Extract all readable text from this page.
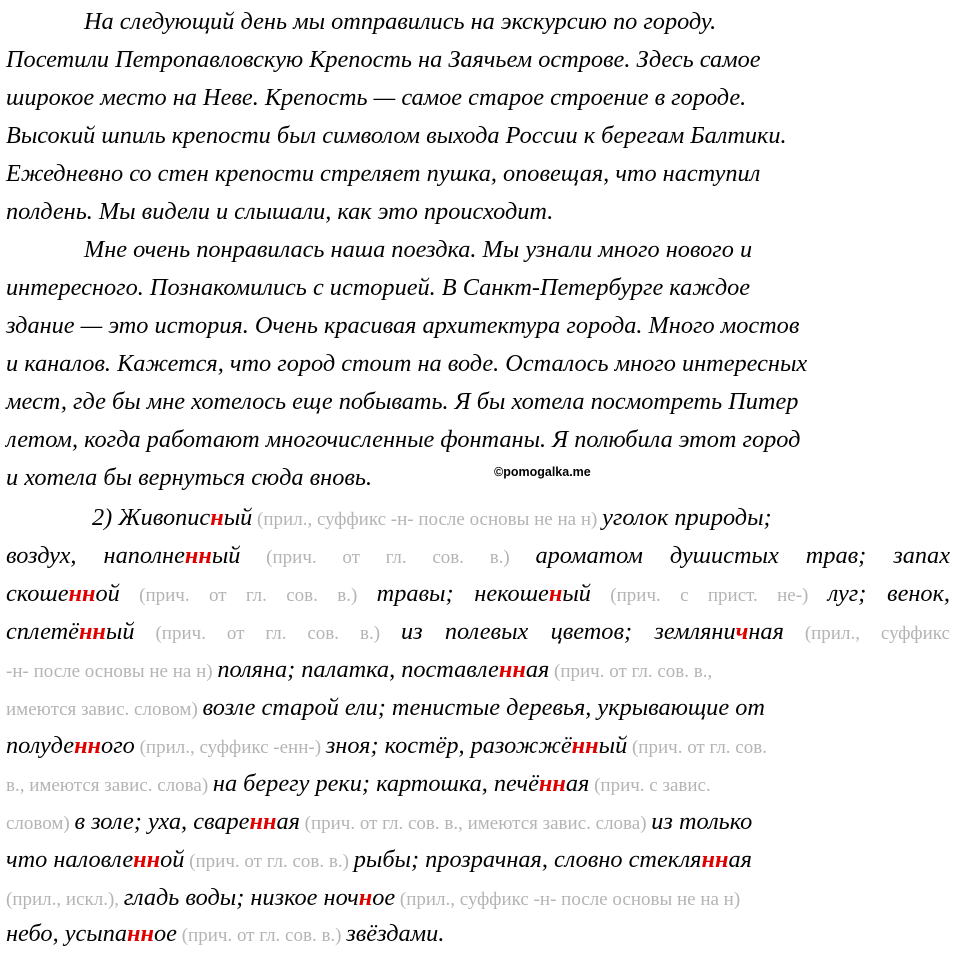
На следующий день мы отправились на экскурсию по городу.
Посетили Петропавловскую Крепость на Заячьем острове. Здесь самое
широкое место на Неве. Крепость — самое старое строение в городе.
Высокий шпиль крепости был символом выхода России к берегам Балтики.
Ежедневно со стен крепости стреляет пушка, оповещая, что наступил
полдень. Мы видели и слышали, как это происходит.
Мне очень понравилась наша поездка. Мы узнали много нового и
интересного. Познакомились с историей. В Санкт-Петербурге каждое
здание — это история. Очень красивая архитектура города. Много мостов
и каналов. Кажется, что город стоит на воде. Осталось много интересных
мест, где бы мне хотелось еще побывать. Я бы хотела посмотреть Питер
летом, когда работают многочисленные фонтаны. Я полюбила этот город
и хотела бы вернуться сюда вновь.	©pomogalka.me
2) Живописный (прил., суффикс -н- после основы не на н) уголок природы;
воздух, наполненный (прич. от гл. сов. в.) ароматом душистых трав; запах
скошенной (прич. от гл. сов. в.) травы; некошеный (прич. с прист. не-) луг; венок,
сплетённый (прич. от гл. сов. в.) из полевых цветов; земляничная (прил., суффикс
-н- после основы не на н) поляна; палатка, поставленная (прич. от гл. сов. в.,
имеются завис. словом) возле старой ели; тенистые деревья, укрывающие от
полуденного (прил., суффикс -енн-) зноя; костёр, разожжённый (прич. от гл. сов.
в., имеются завис. слова) на берегу реки; картошка, печённая (прич. с завис.
словом) в золе; уха, сваренная (прич. от гл. сов. в., имеются завис. слова) из только
что наловленной (прич. от гл. сов. в.) рыбы; прозрачная, словно стеклянная
(прил., искл.), гладь воды; низкое ночное (прил., суффикс -н- после основы не на н)
небо, усыпанное (прич. от гл. сов. в.) звёздами.
